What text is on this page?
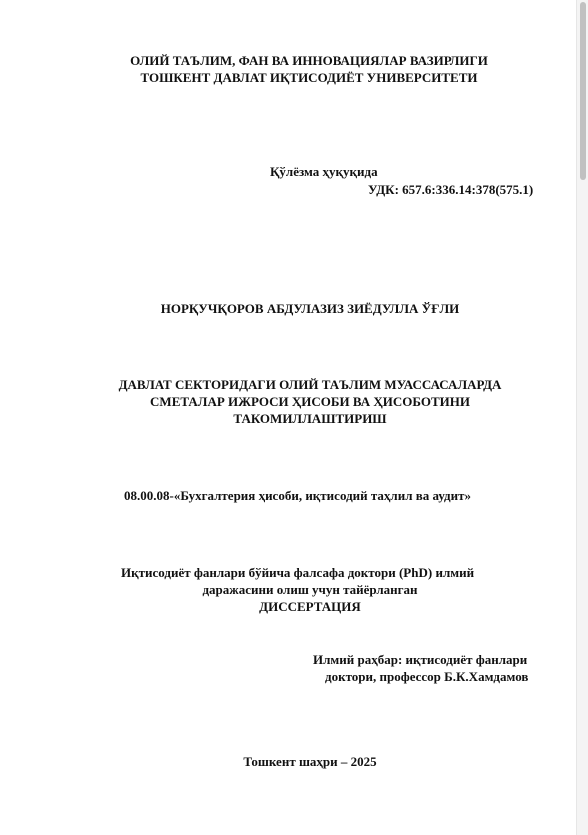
ОЛИЙ ТАЪЛИМ, ФАН ВА ИННОВАЦИЯЛАР ВАЗИРЛИГИ
ТОШКЕНТ ДАВЛАТ ИҚТИСОДИЁТ УНИВЕРСИТЕТИ
Қўлёзма ҳуқуқида
УДК: 657.6:336.14:378(575.1)
НОРҚУЧҚОРОВ АБДУЛАЗИЗ ЗИЁДУЛЛА ЎҒЛИ
ДАВЛАТ СЕКТОРИДАГИ ОЛИЙ ТАЪЛИМ МУАССАСАЛАРДА
СМЕТАЛАР ИЖРОСИ ҲИСОБИ ВА ҲИСОБОТИНИ
ТАКОМИЛЛАШТИРИШ
08.00.08-«Бухгалтерия ҳисоби, иқтисодий таҳлил ва аудит»
Иқтисодиёт фанлари бўйича фалсафа доктори (PhD) илмий
даражасини олиш учун тайёрланган
ДИССЕРТАЦИЯ
Илмий раҳбар: иқтисодиёт фанлари
доктори, профессор Б.К.Хамдамов
Тошкент шаҳри – 2025
